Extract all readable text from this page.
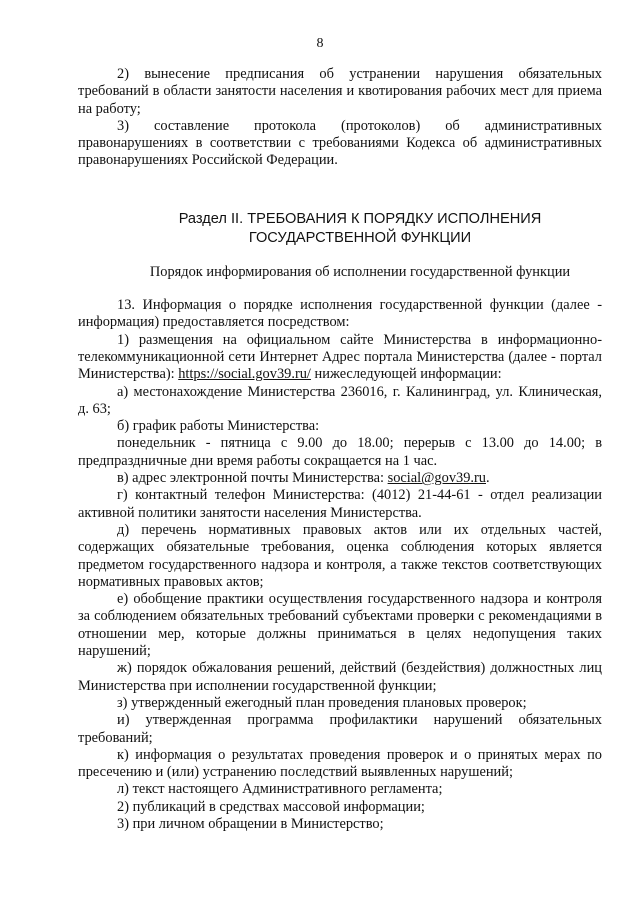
8

2) вынесение предписания об устранении нарушения обязательных требований в области занятости населения и квотирования рабочих мест для приема на работу;

3) составление протокола (протоколов) об административных правонарушениях в соответствии с требованиями Кодекса об административных правонарушениях Российской Федерации.

Раздел II. ТРЕБОВАНИЯ К ПОРЯДКУ ИСПОЛНЕНИЯ

ГОСУДАРСТВЕННОЙ ФУНКЦИИ

Порядок информирования об исполнении государственной функции

13. Информация о порядке исполнения государственной функции (далее - информация) предоставляется посредством:

1) размещения на официальном сайте Министерства в информационно-телекоммуникационной сети Интернет Адрес портала Министерства (далее - портал Министерства): https://social.gov39.ru/ нижеследующей информации:

а) местонахождение Министерства 236016, г. Калининград, ул. Клиническая, д. 63;

б) график работы Министерства:

понедельник - пятница с 9.00 до 18.00; перерыв с 13.00 до 14.00; в предпраздничные дни время работы сокращается на 1 час.

в) адрес электронной почты Министерства: social@gov39.ru.

г) контактный телефон Министерства: (4012) 21-44-61 - отдел реализации активной политики занятости населения Министерства.

д) перечень нормативных правовых актов или их отдельных частей, содержащих обязательные требования, оценка соблюдения которых является предметом государственного надзора и контроля, а также текстов соответствующих нормативных правовых актов;

е) обобщение практики осуществления государственного надзора и контроля за соблюдением обязательных требований субъектами проверки с рекомендациями в отношении мер, которые должны приниматься в целях недопущения таких нарушений;

ж) порядок обжалования решений, действий (бездействия) должностных лиц Министерства при исполнении государственной функции;

з) утвержденный ежегодный план проведения плановых проверок;

и) утвержденная программа профилактики нарушений обязательных требований;

к) информация о результатах проведения проверок и о принятых мерах по пресечению и (или) устранению последствий выявленных нарушений;

л) текст настоящего Административного регламента;

2) публикаций в средствах массовой информации;

3) при личном обращении в Министерство;
